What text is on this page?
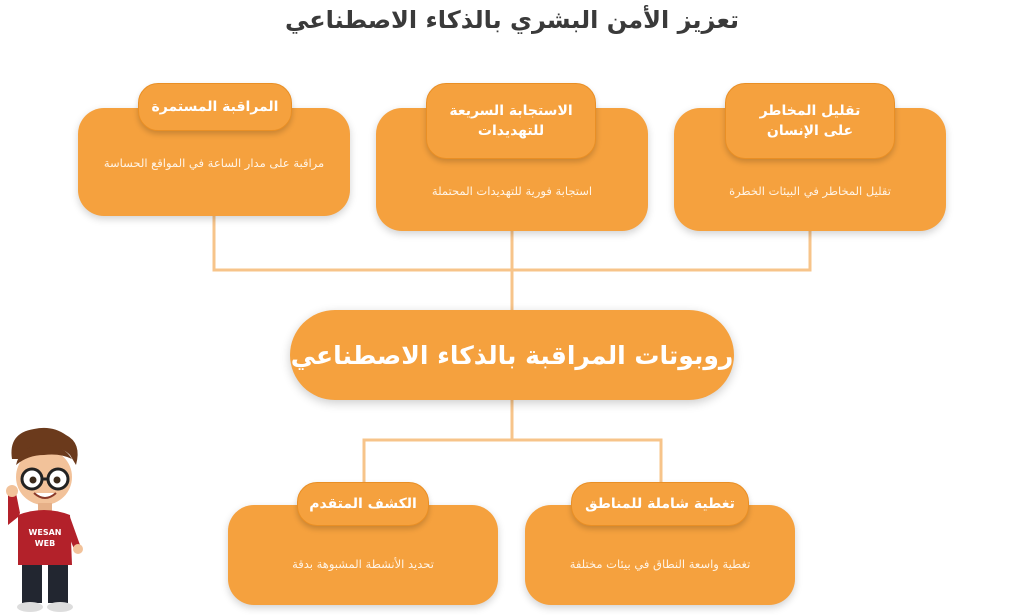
تعزيز الأمن البشري بالذكاء الاصطناعي
مراقبة على مدار الساعة في المواقع الحساسة
المراقبة المستمرة
استجابة فورية للتهديدات المحتملة
الاستجابة السريعة للتهديدات
تقليل المخاطر في البيئات الخطرة
تقليل المخاطر على الإنسان
روبوتات المراقبة بالذكاء الاصطناعي
تحديد الأنشطة المشبوهة بدقة
الكشف المتقدم
تغطية واسعة النطاق في بيئات مختلفة
تغطية شاملة للمناطق
WESAN
WEB
